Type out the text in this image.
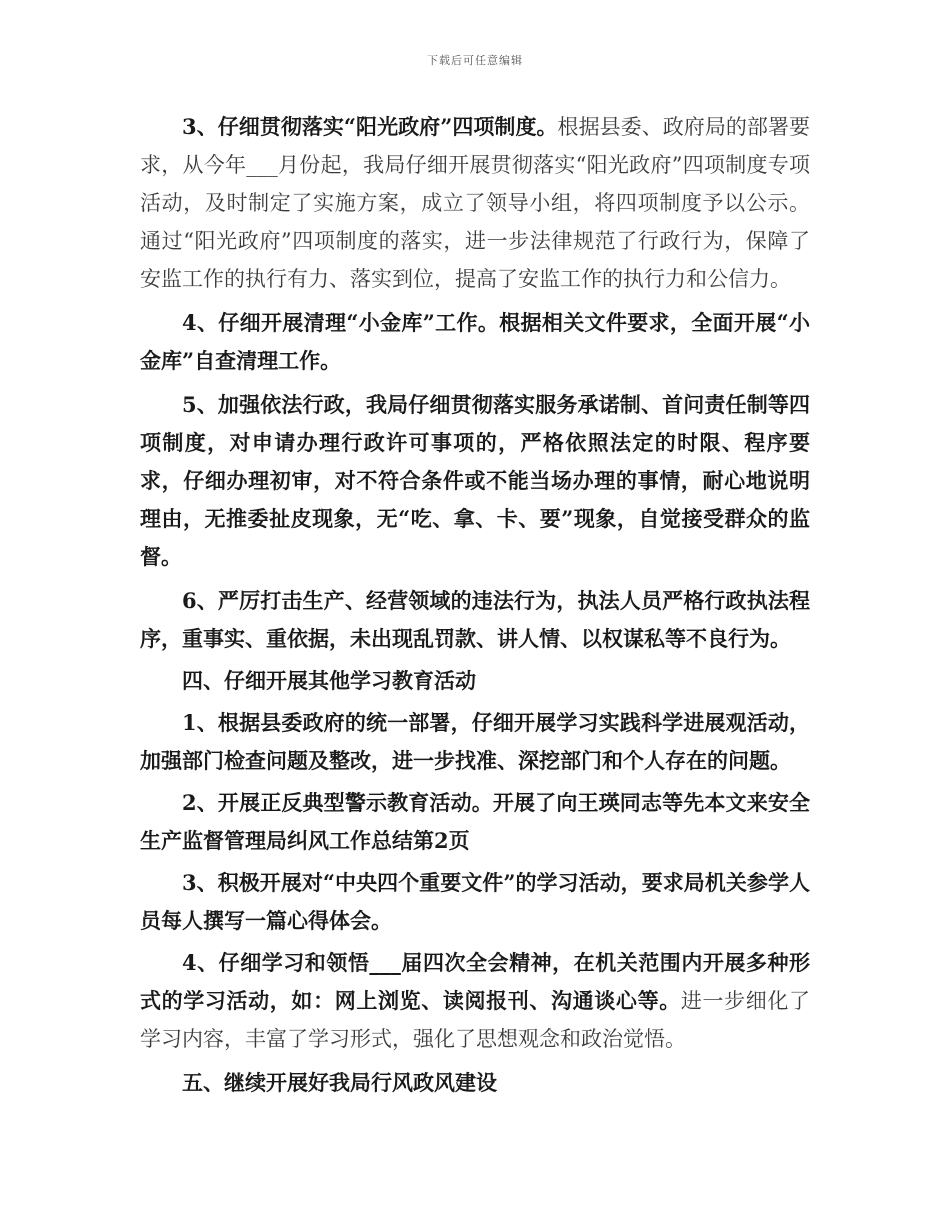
下载后可任意编辑

3、仔细贯彻落实“阳光政府”四项制度。根据县委、政府局的部署要求，从今年___月份起，我局仔细开展贯彻落实“阳光政府”四项制度专项活动，及时制定了实施方案，成立了领导小组，将四项制度予以公示。通过“阳光政府”四项制度的落实，进一步法律规范了行政行为，保障了安监工作的执行有力、落实到位，提高了安监工作的执行力和公信力。

4、仔细开展清理“小金库”工作。根据相关文件要求，全面开展“小金库”自查清理工作。

5、加强依法行政，我局仔细贯彻落实服务承诺制、首问责任制等四项制度，对申请办理行政许可事项的，严格依照法定的时限、程序要求，仔细办理初审，对不符合条件或不能当场办理的事情，耐心地说明理由，无推委扯皮现象，无“吃、拿、卡、要”现象，自觉接受群众的监督。

6、严厉打击生产、经营领域的违法行为，执法人员严格行政执法程序，重事实、重依据，未出现乱罚款、讲人情、以权谋私等不良行为。

四、仔细开展其他学习教育活动

1、根据县委政府的统一部署，仔细开展学习实践科学进展观活动，加强部门检查问题及整改，进一步找准、深挖部门和个人存在的问题。

2、开展正反典型警示教育活动。开展了向王瑛同志等先本文来安全生产监督管理局纠风工作总结第2页

3、积极开展对“中央四个重要文件”的学习活动，要求局机关参学人员每人撰写一篇心得体会。

4、仔细学习和领悟___届四次全会精神，在机关范围内开展多种形式的学习活动，如：网上浏览、读阅报刊、沟通谈心等。进一步细化了学习内容，丰富了学习形式，强化了思想观念和政治觉悟。

五、继续开展好我局行风政风建设
